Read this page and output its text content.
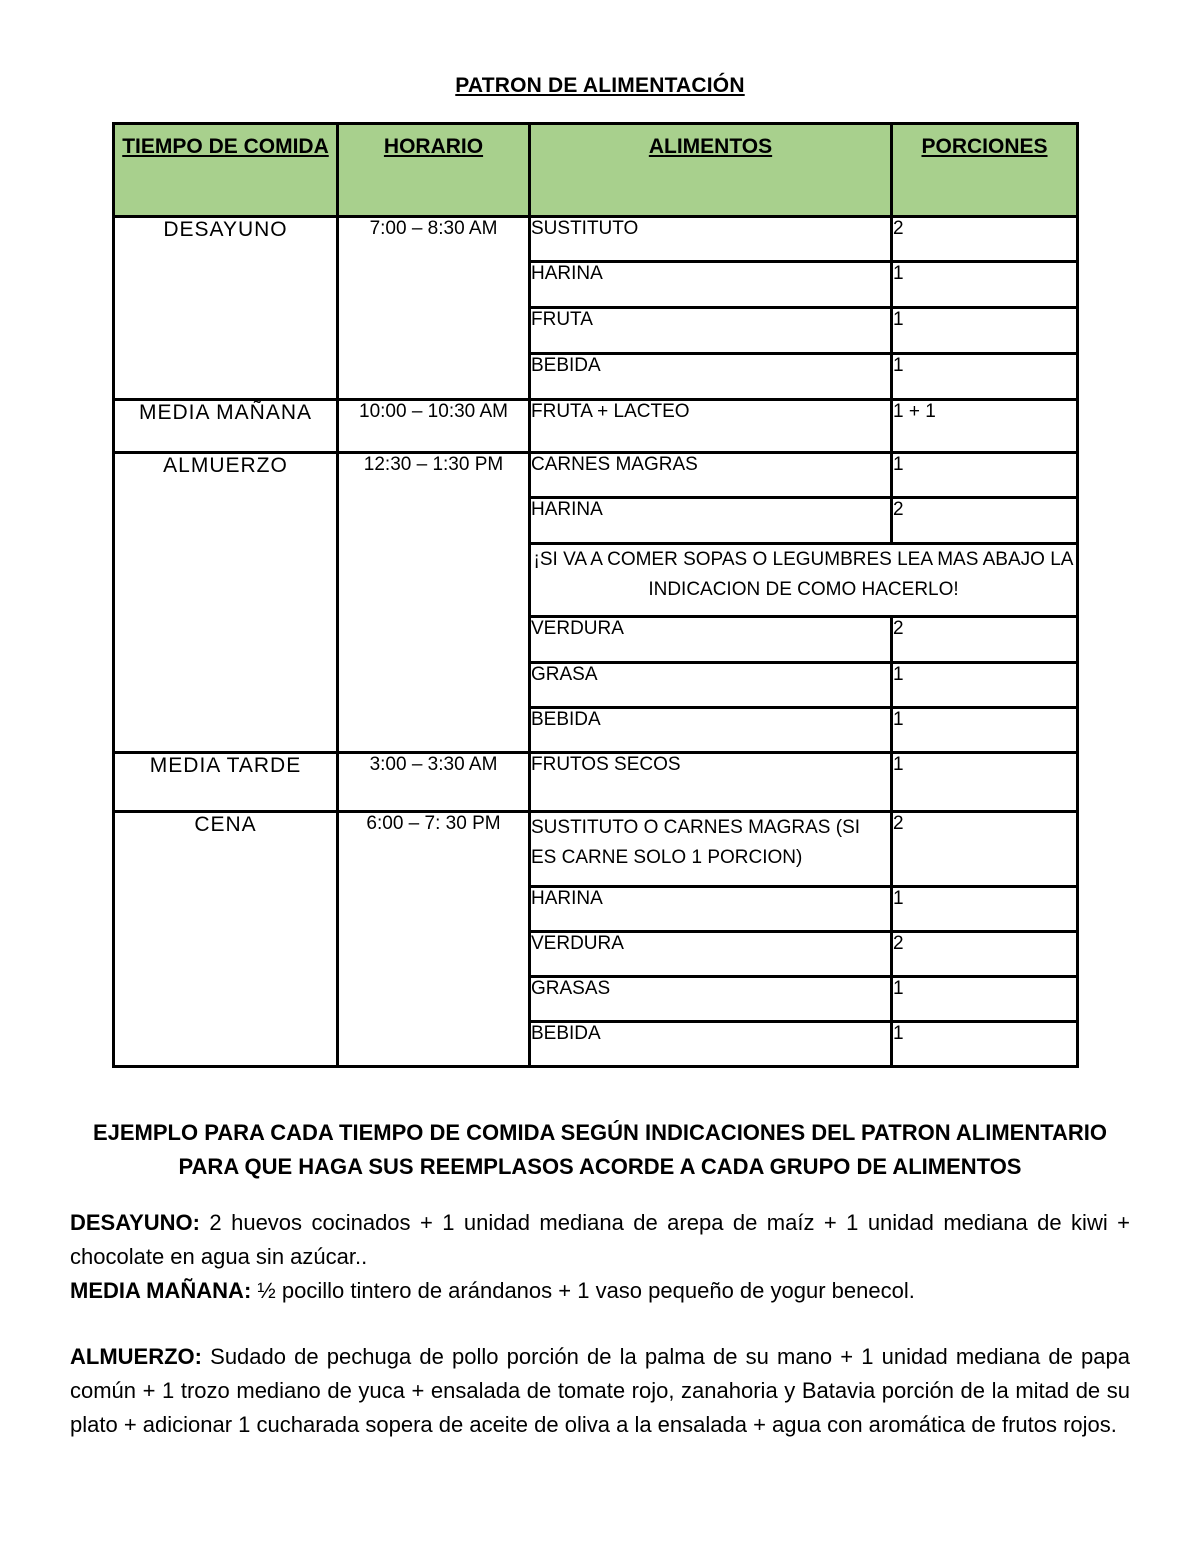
PATRON DE ALIMENTACIÓN
TIEMPO DE COMIDA	HORARIO	ALIMENTOS	PORCIONES
DESAYUNO	7:00 – 8:30 AM	SUSTITUTO	2
		HARINA	1
		FRUTA	1
		BEBIDA	1
MEDIA MAÑANA	10:00 – 10:30 AM	FRUTA + LACTEO	1 + 1
ALMUERZO	12:30 – 1:30 PM	CARNES MAGRAS	1
		HARINA	2
		¡SI VA A COMER SOPAS O LEGUMBRES LEA MAS ABAJO LA INDICACION DE COMO HACERLO!	
		VERDURA	2
		GRASA	1
		BEBIDA	1
MEDIA TARDE	3:00 – 3:30 AM	FRUTOS SECOS	1
CENA	6:00 – 7: 30 PM	SUSTITUTO O CARNES MAGRAS (SI ES CARNE SOLO 1 PORCION)	2
		HARINA	1
		VERDURA	2
		GRASAS	1
		BEBIDA	1

EJEMPLO PARA CADA TIEMPO DE COMIDA SEGÚN INDICACIONES DEL PATRON ALIMENTARIO PARA QUE HAGA SUS REEMPLASOS ACORDE A CADA GRUPO DE ALIMENTOS

DESAYUNO: 2 huevos cocinados + 1 unidad mediana de arepa de maíz + 1 unidad mediana de kiwi + chocolate en agua sin azúcar..

MEDIA MAÑANA: ½ pocillo tintero de arándanos + 1 vaso pequeño de yogur benecol.

ALMUERZO: Sudado de pechuga de pollo porción de la palma de su mano + 1 unidad mediana de papa común + 1 trozo mediano de yuca + ensalada de tomate rojo, zanahoria y Batavia porción de la mitad de su plato + adicionar 1 cucharada sopera de aceite de oliva a la ensalada + agua con aromática de frutos rojos.
